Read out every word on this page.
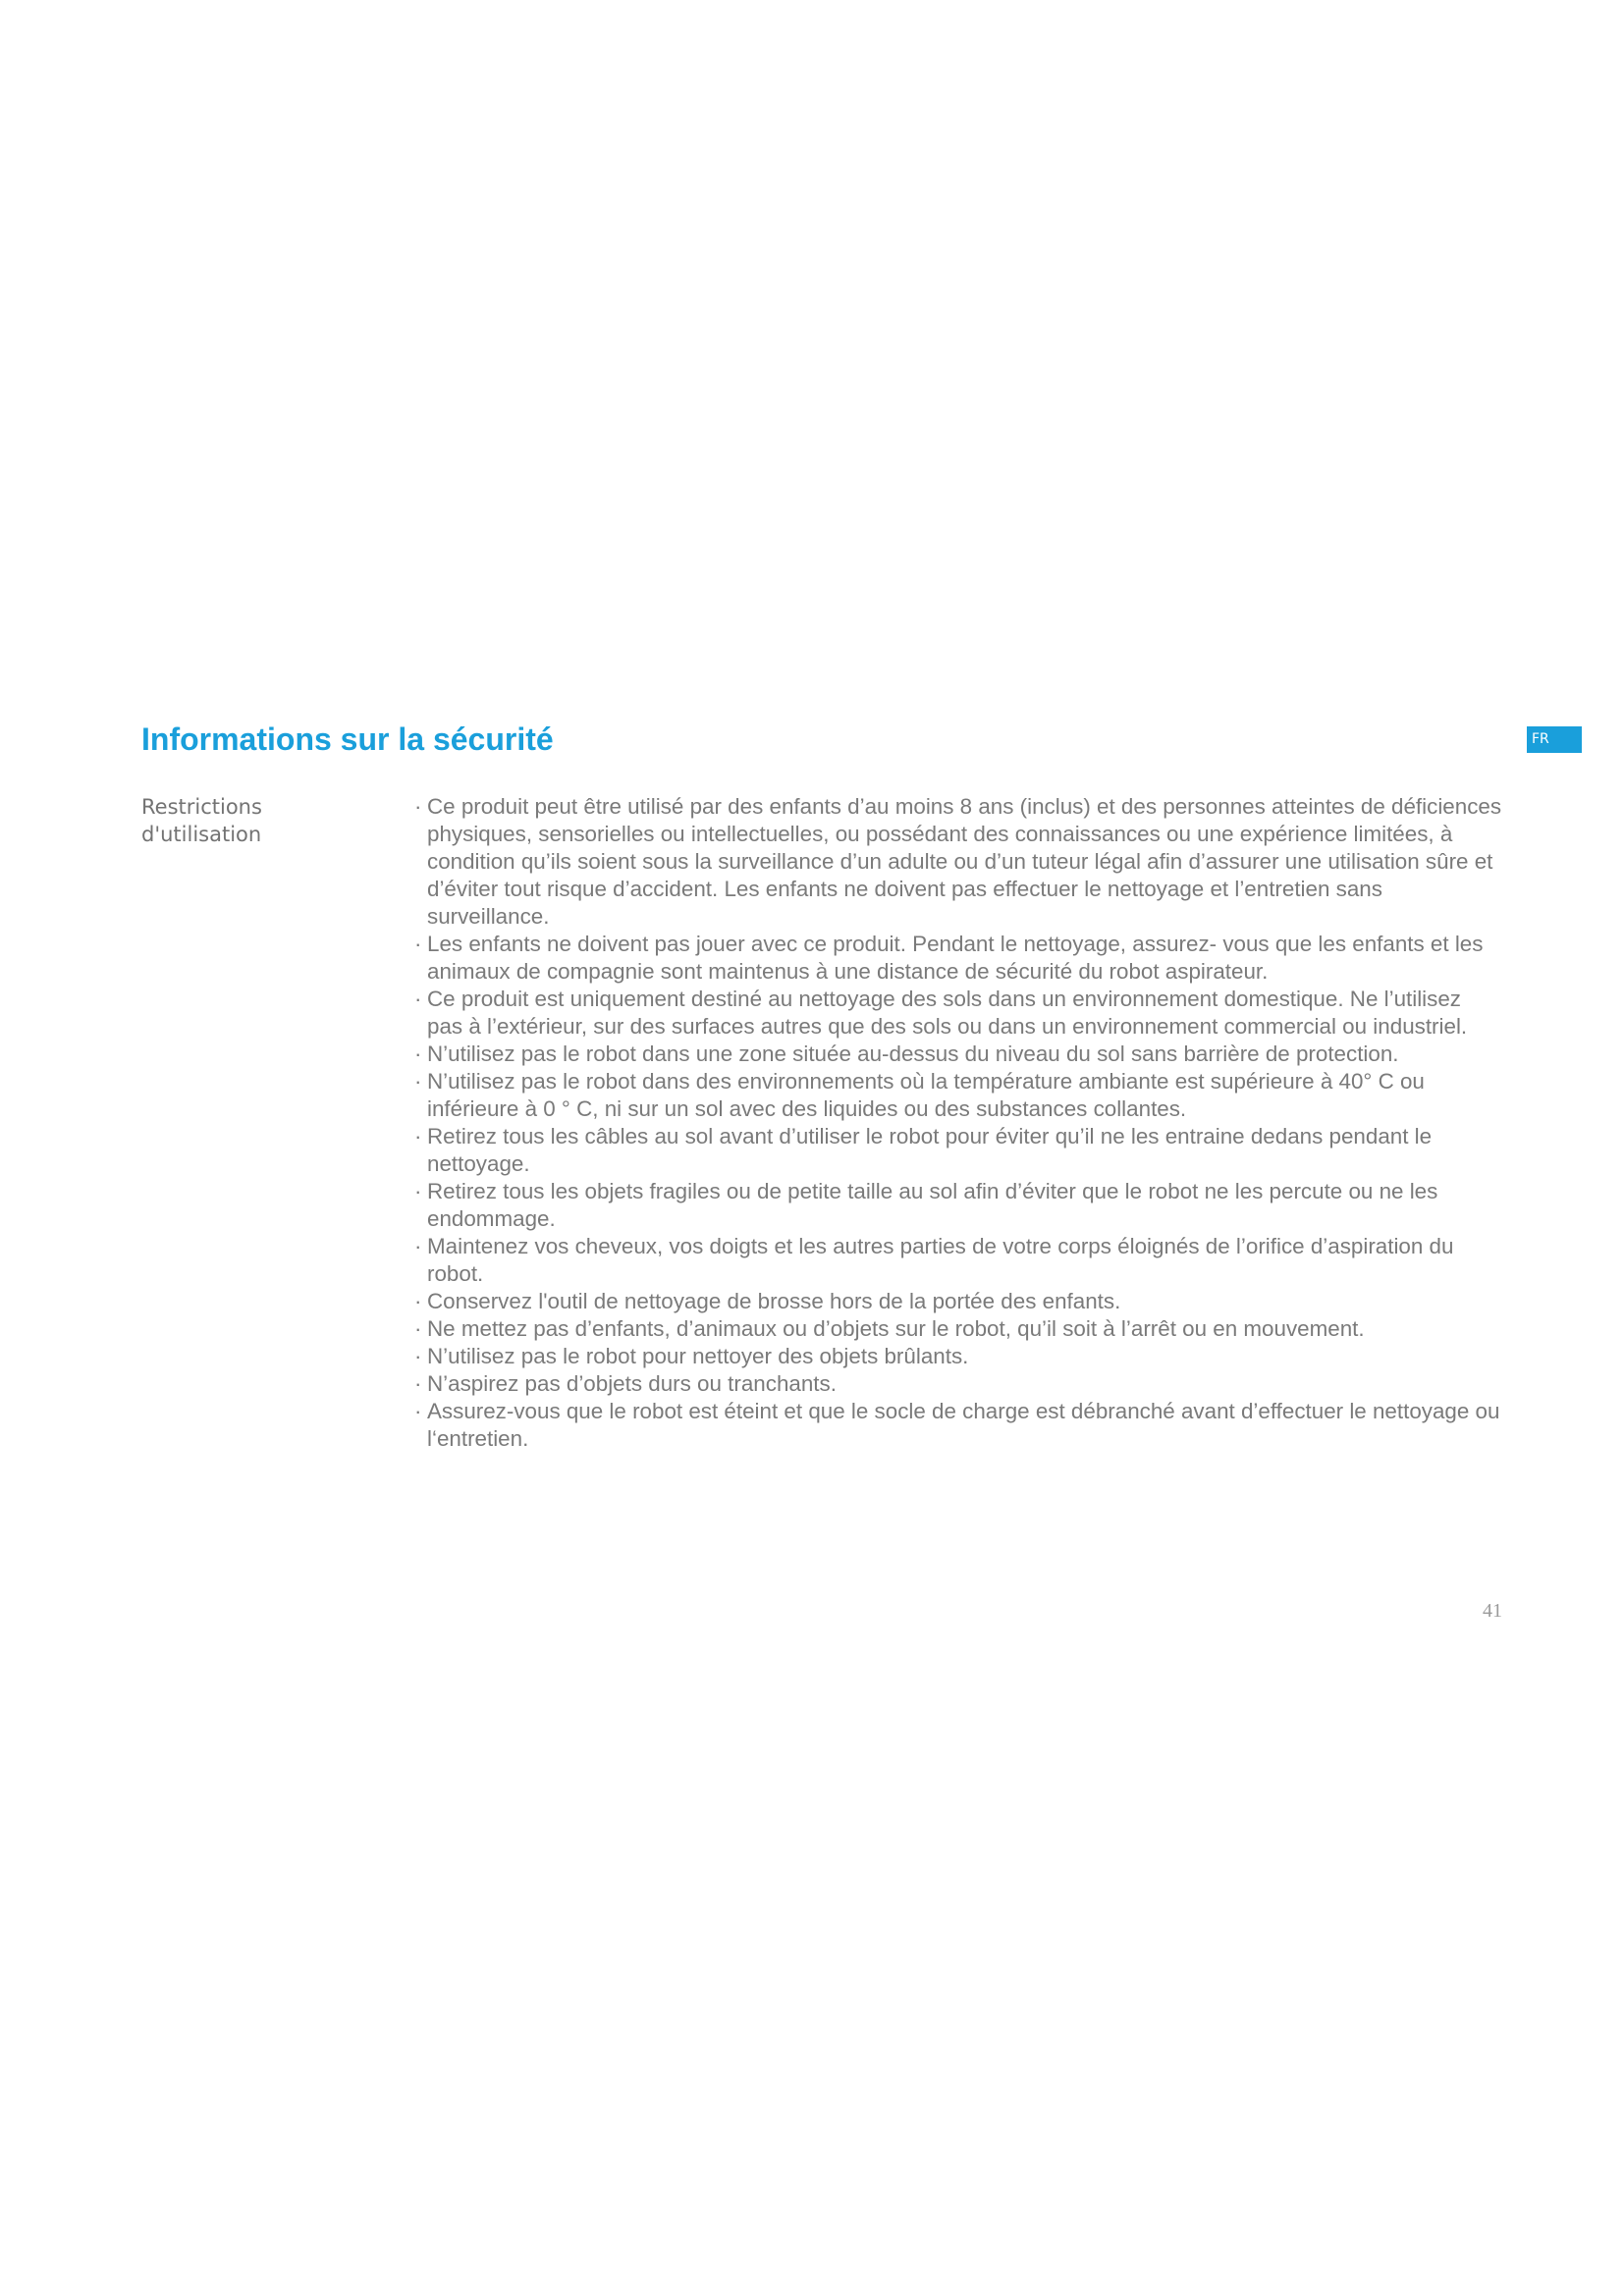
Informations sur la sécurité	FR
Restrictions
d'utilisation
· Ce produit peut être utilisé par des enfants d’au moins 8 ans (inclus) et des personnes atteintes de déficiences physiques, sensorielles ou intellectuelles, ou possédant des connaissances ou une expérience limitées, à condition qu’ils soient sous la surveillance d’un adulte ou d’un tuteur légal afin d’assurer une utilisation sûre et d’éviter tout risque d’accident. Les enfants ne doivent pas effectuer le nettoyage et l’entretien sans surveillance.
· Les enfants ne doivent pas jouer avec ce produit. Pendant le nettoyage, assurez- vous que les enfants et les animaux de compagnie sont maintenus à une distance de sécurité du robot aspirateur.
· Ce produit est uniquement destiné au nettoyage des sols dans un environnement domestique. Ne l’utilisez pas à l’extérieur, sur des surfaces autres que des sols ou dans un environnement commercial ou industriel.
· N’utilisez pas le robot dans une zone située au-dessus du niveau du sol sans barrière de protection.
· N’utilisez pas le robot dans des environnements où la température ambiante est supérieure à 40° C ou inférieure à 0 ° C, ni sur un sol avec des liquides ou des substances collantes.
· Retirez tous les câbles au sol avant d’utiliser le robot pour éviter qu’il ne les entraine dedans pendant le nettoyage.
· Retirez tous les objets fragiles ou de petite taille au sol afin d’éviter que le robot ne les percute ou ne les endommage.
· Maintenez vos cheveux, vos doigts et les autres parties de votre corps éloignés de l’orifice d’aspiration du robot.
· Conservez l'outil de nettoyage de brosse hors de la portée des enfants.
· Ne mettez pas d’enfants, d’animaux ou d’objets sur le robot, qu’il soit à l’arrêt ou en mouvement.
· N’utilisez pas le robot pour nettoyer des objets brûlants.
· N’aspirez pas d’objets durs ou tranchants.
· Assurez-vous que le robot est éteint et que le socle de charge est débranché avant d’effectuer le nettoyage ou l‘entretien.
41
